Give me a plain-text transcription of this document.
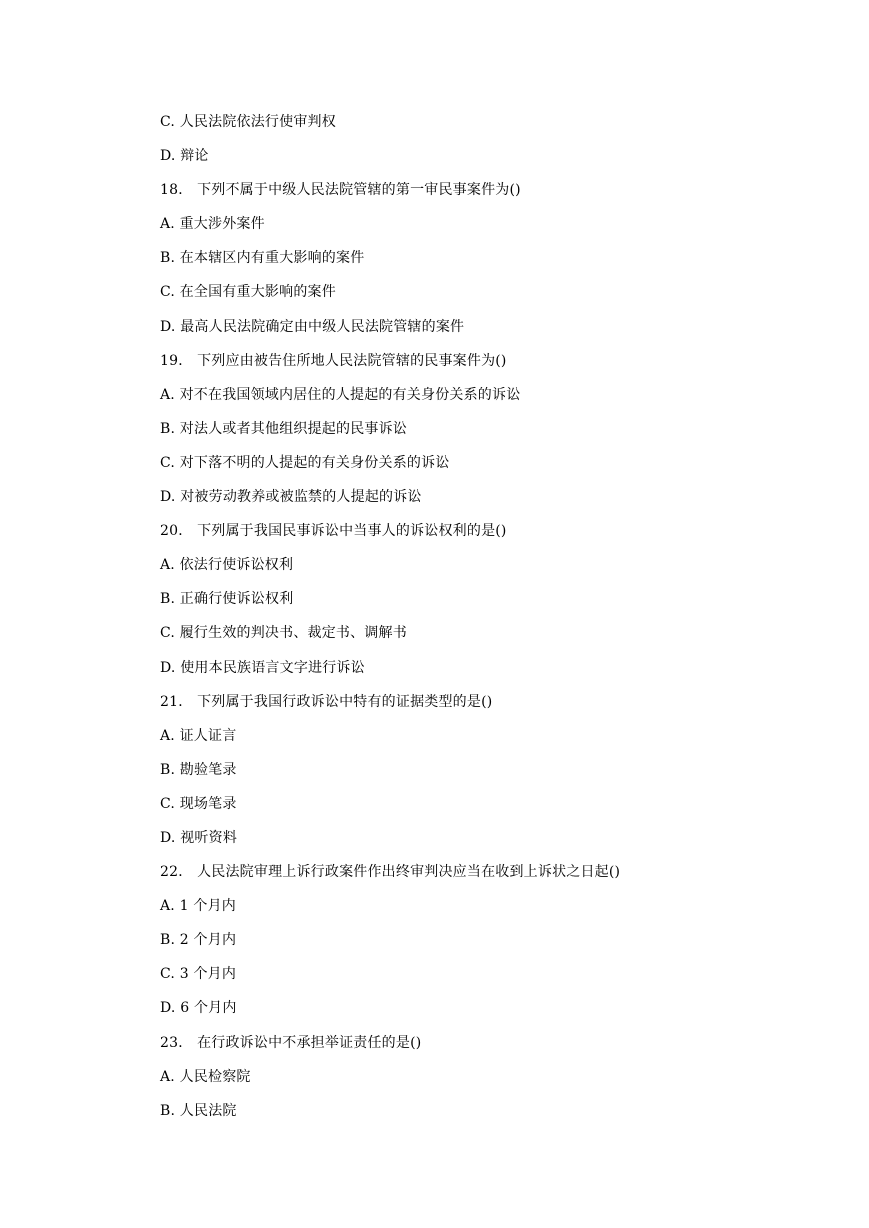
C. 人民法院依法行使审判权
D. 辩论
18． 下列不属于中级人民法院管辖的第一审民事案件为()
A. 重大涉外案件
B. 在本辖区内有重大影响的案件
C. 在全国有重大影响的案件
D. 最高人民法院确定由中级人民法院管辖的案件
19． 下列应由被告住所地人民法院管辖的民事案件为()
A. 对不在我国领域内居住的人提起的有关身份关系的诉讼
B. 对法人或者其他组织提起的民事诉讼
C. 对下落不明的人提起的有关身份关系的诉讼
D. 对被劳动教养或被监禁的人提起的诉讼
20． 下列属于我国民事诉讼中当事人的诉讼权利的是()
A. 依法行使诉讼权利
B. 正确行使诉讼权利
C. 履行生效的判决书、裁定书、调解书
D. 使用本民族语言文字进行诉讼
21． 下列属于我国行政诉讼中特有的证据类型的是()
A. 证人证言
B. 勘验笔录
C. 现场笔录
D. 视听资料
22． 人民法院审理上诉行政案件作出终审判决应当在收到上诉状之日起()
A. 1 个月内
B. 2 个月内
C. 3 个月内
D. 6 个月内
23． 在行政诉讼中不承担举证责任的是()
A. 人民检察院
B. 人民法院
